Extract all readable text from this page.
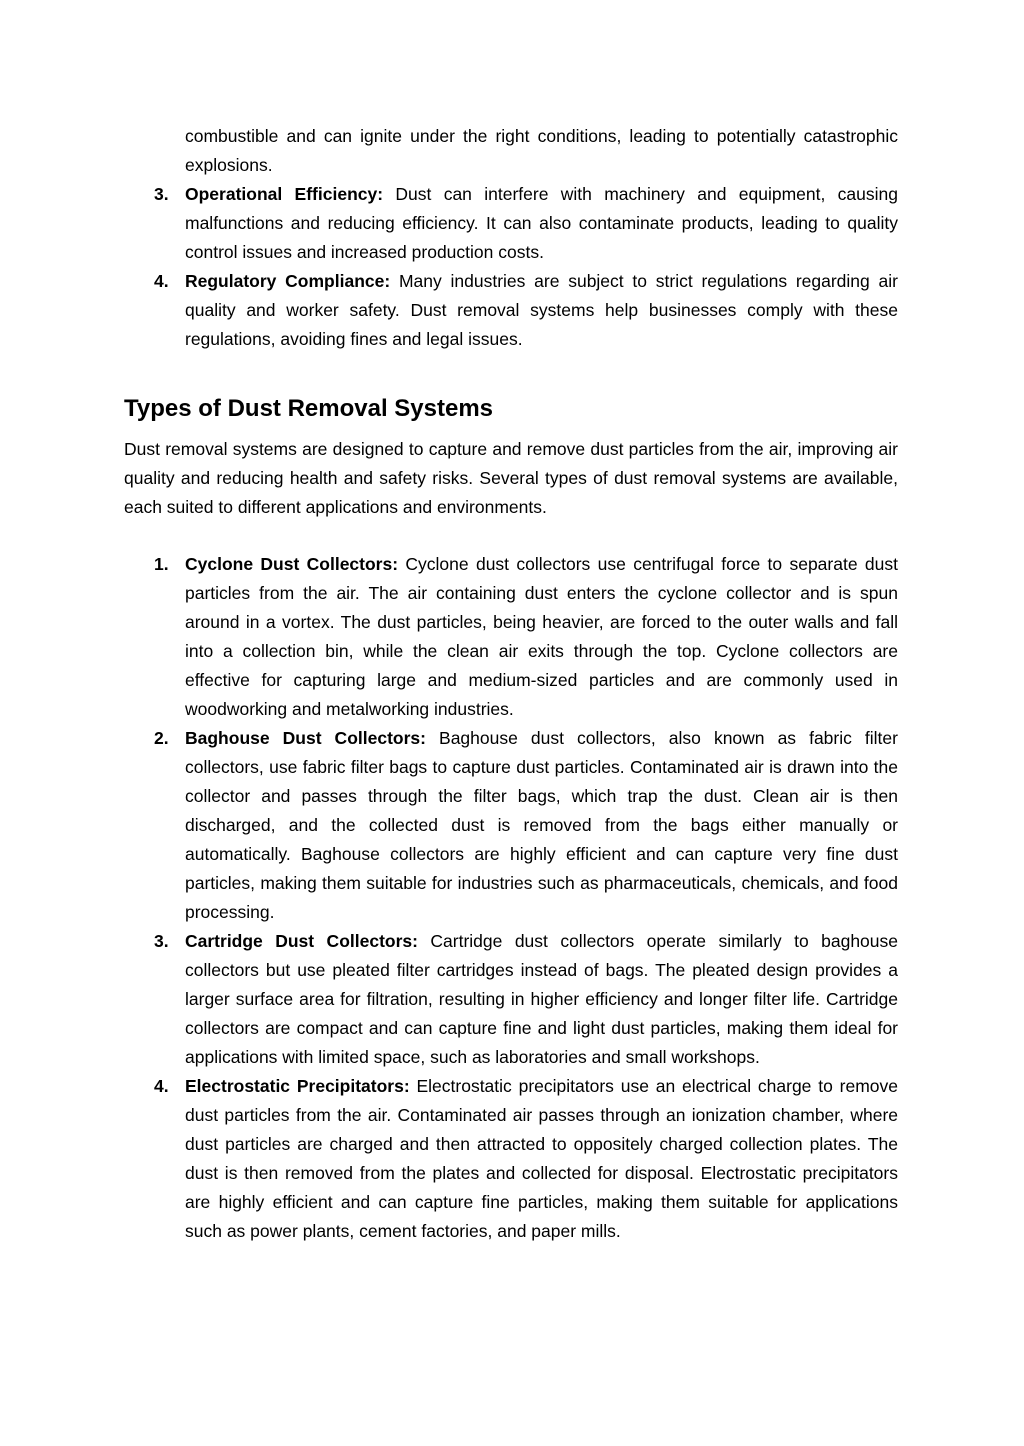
combustible and can ignite under the right conditions, leading to potentially catastrophic explosions.
3. Operational Efficiency: Dust can interfere with machinery and equipment, causing malfunctions and reducing efficiency. It can also contaminate products, leading to quality control issues and increased production costs.
4. Regulatory Compliance: Many industries are subject to strict regulations regarding air quality and worker safety. Dust removal systems help businesses comply with these regulations, avoiding fines and legal issues.
Types of Dust Removal Systems

Dust removal systems are designed to capture and remove dust particles from the air, improving air quality and reducing health and safety risks. Several types of dust removal systems are available, each suited to different applications and environments.

1. Cyclone Dust Collectors: Cyclone dust collectors use centrifugal force to separate dust particles from the air. The air containing dust enters the cyclone collector and is spun around in a vortex. The dust particles, being heavier, are forced to the outer walls and fall into a collection bin, while the clean air exits through the top. Cyclone collectors are effective for capturing large and medium-sized particles and are commonly used in woodworking and metalworking industries.
2. Baghouse Dust Collectors: Baghouse dust collectors, also known as fabric filter collectors, use fabric filter bags to capture dust particles. Contaminated air is drawn into the collector and passes through the filter bags, which trap the dust. Clean air is then discharged, and the collected dust is removed from the bags either manually or automatically. Baghouse collectors are highly efficient and can capture very fine dust particles, making them suitable for industries such as pharmaceuticals, chemicals, and food processing.
3. Cartridge Dust Collectors: Cartridge dust collectors operate similarly to baghouse collectors but use pleated filter cartridges instead of bags. The pleated design provides a larger surface area for filtration, resulting in higher efficiency and longer filter life. Cartridge collectors are compact and can capture fine and light dust particles, making them ideal for applications with limited space, such as laboratories and small workshops.
4. Electrostatic Precipitators: Electrostatic precipitators use an electrical charge to remove dust particles from the air. Contaminated air passes through an ionization chamber, where dust particles are charged and then attracted to oppositely charged collection plates. The dust is then removed from the plates and collected for disposal. Electrostatic precipitators are highly efficient and can capture fine particles, making them suitable for applications such as power plants, cement factories, and paper mills.
